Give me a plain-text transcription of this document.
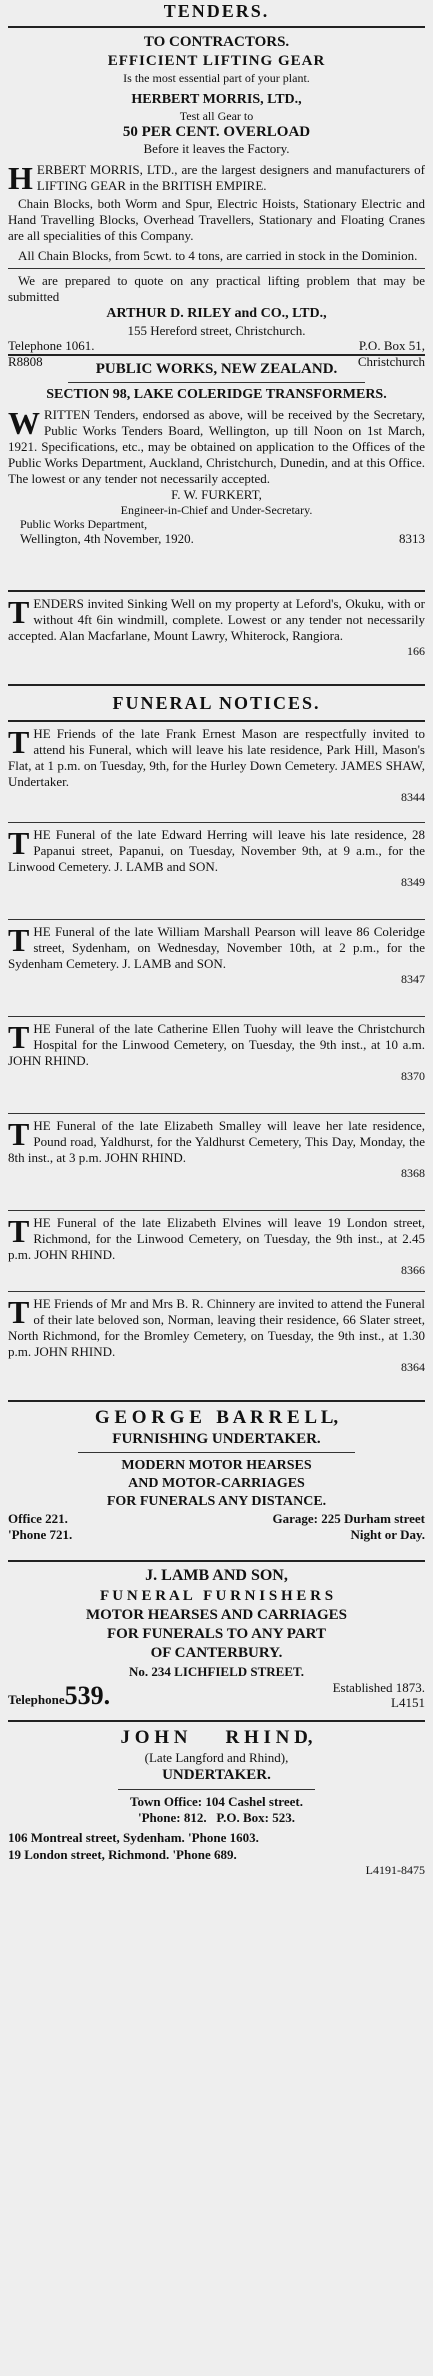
TENDERS.
TO CONTRACTORS.
EFFICIENT LIFTING GEAR
Is the most essential part of your plant.
HERBERT MORRIS, LTD.,
Test all Gear to
50 PER CENT. OVERLOAD
Before it leaves the Factory.
HERBERT MORRIS, LTD., are the largest designers and manufacturers of LIFTING GEAR in the BRITISH EMPIRE.
Chain Blocks, both Worm and Spur, Electric Hoists, Stationary Electric and Hand Travelling Blocks, Overhead Travellers, Stationary and Floating Cranes are all specialities of this Company.
All Chain Blocks, from 5cwt. to 4 tons, are carried in stock in the Dominion.
We are prepared to quote on any practical lifting problem that may be submitted
ARTHUR D. RILEY and CO., LTD.,
155 Hereford street, Christchurch.
Telephone 1061.	P.O. Box 51,
R8808	Christchurch
PUBLIC WORKS, NEW ZEALAND.
SECTION 98, LAKE COLERIDGE TRANSFORMERS.
WRITTEN Tenders, endorsed as above, will be received by the Secretary, Public Works Tenders Board, Wellington, up till Noon on 1st March, 1921. Specifications, etc., may be obtained on application to the Offices of the Public Works Department, Auckland, Christchurch, Dunedin, and at this Office. The lowest or any tender not necessarily accepted.
F. W. FURKERT,
Engineer-in-Chief and Under-Secretary.
Public Works Department,
Wellington, 4th November, 1920.	8313
TENDERS invited Sinking Well on my property at Leford's, Okuku, with or without 4ft 6in windmill, complete. Lowest or any tender not necessarily accepted. Alan Macfarlane, Mount Lawry, Whiterock, Rangiora.
166
FUNERAL NOTICES.
THE Friends of the late Frank Ernest Mason are respectfully invited to attend his Funeral, which will leave his late residence, Park Hill, Mason's Flat, at 1 p.m. on Tuesday, 9th, for the Hurley Down Cemetery. JAMES SHAW, Undertaker.
8344
THE Funeral of the late Edward Herring will leave his late residence, 28 Papanui street, Papanui, on Tuesday, November 9th, at 9 a.m., for the Linwood Cemetery. J. LAMB and SON.
8349
THE Funeral of the late William Marshall Pearson will leave 86 Coleridge street, Sydenham, on Wednesday, November 10th, at 2 p.m., for the Sydenham Cemetery. J. LAMB and SON.
8347
THE Funeral of the late Catherine Ellen Tuohy will leave the Christchurch Hospital for the Linwood Cemetery, on Tuesday, the 9th inst., at 10 a.m. JOHN RHIND.
8370
THE Funeral of the late Elizabeth Smalley will leave her late residence, Pound road, Yaldhurst, for the Yaldhurst Cemetery, This Day, Monday, the 8th inst., at 3 p.m. JOHN RHIND.
8368
THE Funeral of the late Elizabeth Elvines will leave 19 London street, Richmond, for the Linwood Cemetery, on Tuesday, the 9th inst., at 2.45 p.m. JOHN RHIND.
8366
THE Friends of Mr and Mrs B. R. Chinnery are invited to attend the Funeral of their late beloved son, Norman, leaving their residence, 66 Slater street, North Richmond, for the Bromley Cemetery, on Tuesday, the 9th inst., at 1.30 p.m. JOHN RHIND.
8364
G E O R G E   B A R R E L L,
FURNISHING UNDERTAKER.
MODERN MOTOR HEARSES
AND MOTOR-CARRIAGES
FOR FUNERALS ANY DISTANCE.
Office 221.	Garage: 225 Durham street
'Phone 721.	Night or Day.
J. LAMB AND SON,
F U N E R A L   F U R N I S H E R S
MOTOR HEARSES AND CARRIAGES
FOR FUNERALS TO ANY PART
OF CANTERBURY.
No. 234 LICHFIELD STREET.
Telephone539.	Established 1873.
L4151
J O H N        R H I N D,
(Late Langford and Rhind),
UNDERTAKER.
Town Office: 104 Cashel street.
'Phone: 812.   P.O. Box: 523.
106 Montreal street, Sydenham. 'Phone 1603.
19 London street, Richmond. 'Phone 689.
L4191-8475
